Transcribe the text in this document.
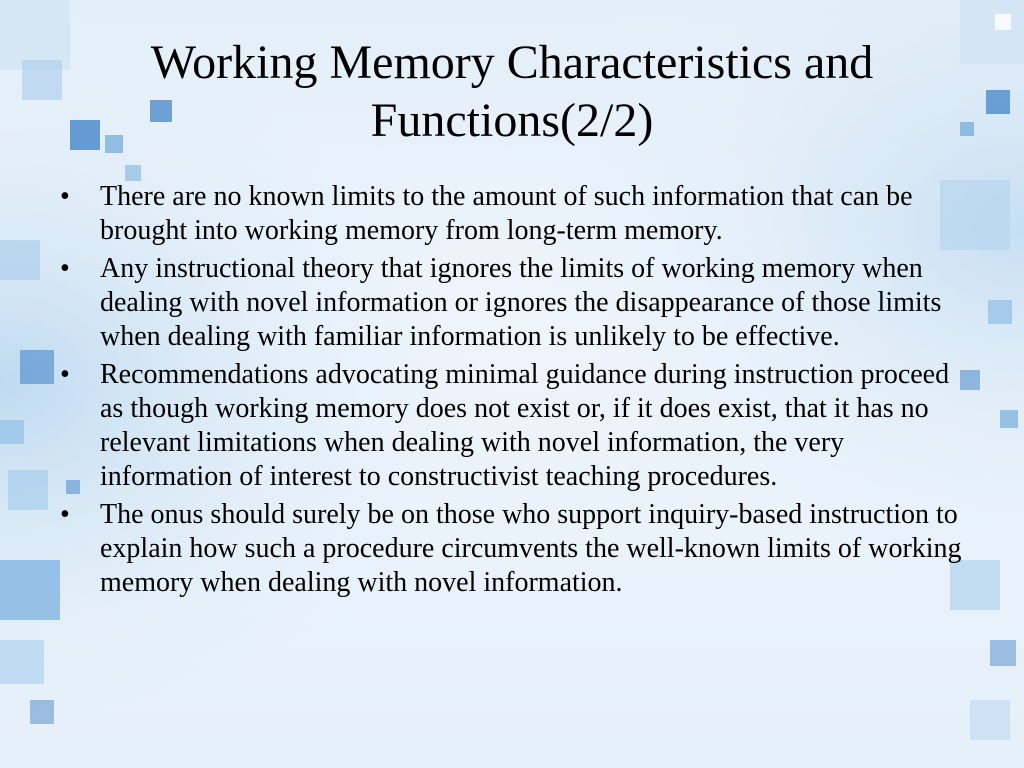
Working Memory Characteristics and Functions(2/2)
•	There are no known limits to the amount of such information that can be brought into working memory from long-term memory.
•	Any instructional theory that ignores the limits of working memory when dealing with novel information or ignores the disappearance of those limits when dealing with familiar information is unlikely to be effective.
•	Recommendations advocating minimal guidance during instruction proceed as though working memory does not exist or, if it does exist, that it has no relevant limitations when dealing with novel information, the very information of interest to constructivist teaching procedures.
•	The onus should surely be on those who support inquiry-based instruction to explain how such a procedure circumvents the well-known limits of working memory when dealing with novel information.
